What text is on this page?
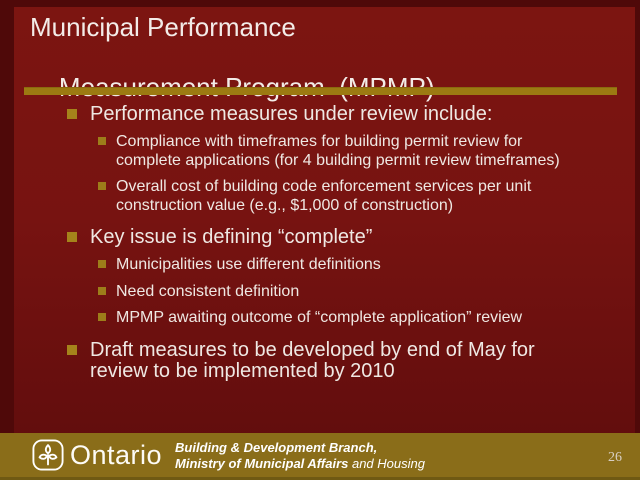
Municipal Performance

Performance measures under review include:
Compliance with timeframes for building permit review for complete applications (for 4 building permit review timeframes)
Overall cost of building code enforcement services per unit construction value (e.g., $1,000 of construction)
Key issue is defining “complete”
Municipalities use different definitions
Need consistent definition
MPMP awaiting outcome of “complete application” review
Draft measures to be developed by end of May for review to be implemented by 2010
Ontario Building & Development Branch,
Ministry of Municipal Affairs and Housing	26
